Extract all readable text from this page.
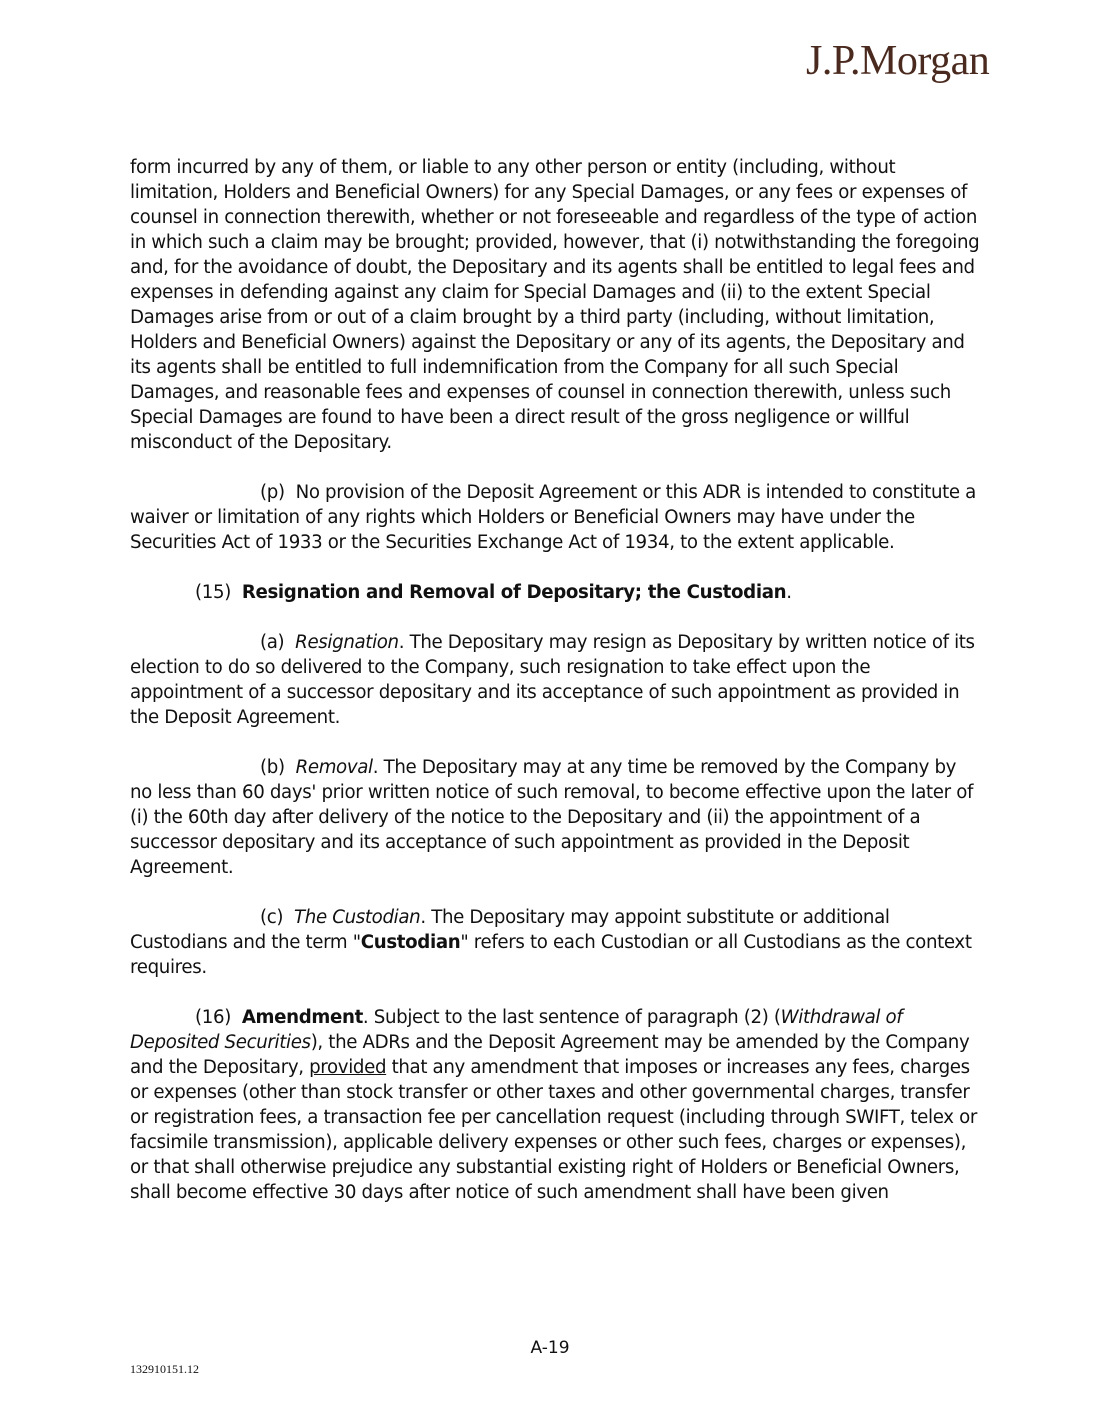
J.P.Morgan

form incurred by any of them, or liable to any other person or entity (including, without limitation, Holders and Beneficial Owners) for any Special Damages, or any fees or expenses of counsel in connection therewith, whether or not foreseeable and regardless of the type of action in which such a claim may be brought; provided, however, that (i) notwithstanding the foregoing and, for the avoidance of doubt, the Depositary and its agents shall be entitled to legal fees and expenses in defending against any claim for Special Damages and (ii) to the extent Special Damages arise from or out of a claim brought by a third party (including, without limitation, Holders and Beneficial Owners) against the Depositary or any of its agents, the Depositary and its agents shall be entitled to full indemnification from the Company for all such Special Damages, and reasonable fees and expenses of counsel in connection therewith, unless such Special Damages are found to have been a direct result of the gross negligence or willful misconduct of the Depositary.

(p) No provision of the Deposit Agreement or this ADR is intended to constitute a waiver or limitation of any rights which Holders or Beneficial Owners may have under the Securities Act of 1933 or the Securities Exchange Act of 1934, to the extent applicable.

(15) Resignation and Removal of Depositary; the Custodian.

(a) Resignation. The Depositary may resign as Depositary by written notice of its election to do so delivered to the Company, such resignation to take effect upon the appointment of a successor depositary and its acceptance of such appointment as provided in the Deposit Agreement.

(b) Removal. The Depositary may at any time be removed by the Company by no less than 60 days' prior written notice of such removal, to become effective upon the later of (i) the 60th day after delivery of the notice to the Depositary and (ii) the appointment of a successor depositary and its acceptance of such appointment as provided in the Deposit Agreement.

(c) The Custodian. The Depositary may appoint substitute or additional Custodians and the term "Custodian" refers to each Custodian or all Custodians as the context requires.

(16) Amendment. Subject to the last sentence of paragraph (2) (Withdrawal of Deposited Securities), the ADRs and the Deposit Agreement may be amended by the Company and the Depositary, provided that any amendment that imposes or increases any fees, charges or expenses (other than stock transfer or other taxes and other governmental charges, transfer or registration fees, a transaction fee per cancellation request (including through SWIFT, telex or facsimile transmission), applicable delivery expenses or other such fees, charges or expenses), or that shall otherwise prejudice any substantial existing right of Holders or Beneficial Owners, shall become effective 30 days after notice of such amendment shall have been given

A-19
132910151.12
